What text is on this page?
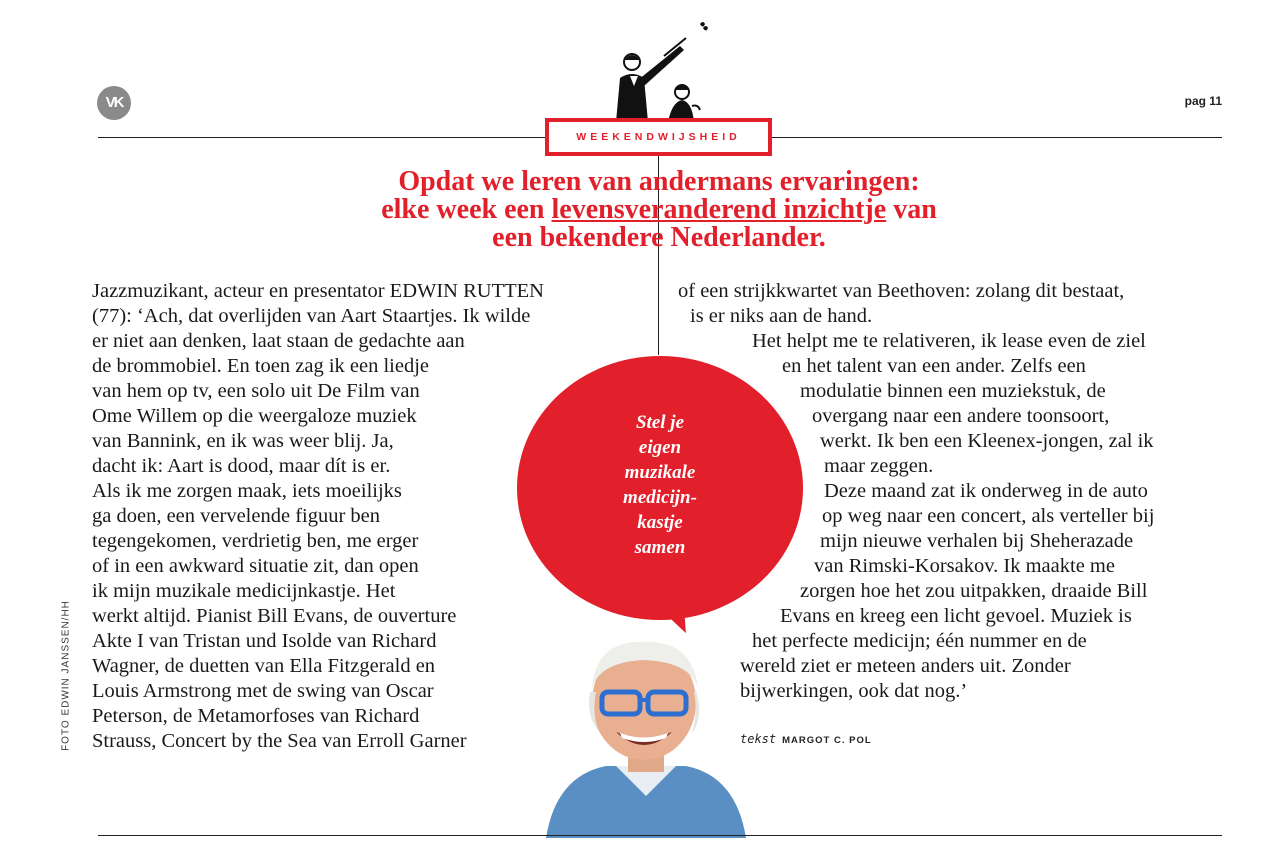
VK	pag 11
WEEKENDWIJSHEID
Opdat we leren van andermans ervaringen:
elke week een levensveranderend inzichtje van
een bekendere Nederlander.
Jazzmuzikant, acteur en presentator EDWIN RUTTEN
(77): ‘Ach, dat overlijden van Aart Staartjes. Ik wilde
er niet aan denken, laat staan de gedachte aan
de brommobiel. En toen zag ik een liedje
van hem op tv, een solo uit De Film van
Ome Willem op die weergaloze muziek
van Bannink, en ik was weer blij. Ja,
dacht ik: Aart is dood, maar dít is er.
Als ik me zorgen maak, iets moeilijks
ga doen, een vervelende figuur ben
tegengekomen, verdrietig ben, me erger
of in een awkward situatie zit, dan open
ik mijn muzikale medicijnkastje. Het
werkt altijd. Pianist Bill Evans, de ouverture
Akte I van Tristan und Isolde van Richard
Wagner, de duetten van Ella Fitzgerald en
Louis Armstrong met de swing van Oscar
Peterson, de Metamorfoses van Richard
Strauss, Concert by the Sea van Erroll Garner
of een strijkkwartet van Beethoven: zolang dit bestaat,
is er niks aan de hand.
Het helpt me te relativeren, ik lease even de ziel
en het talent van een ander. Zelfs een
modulatie binnen een muziekstuk, de
overgang naar een andere toonsoort,
werkt. Ik ben een Kleenex-jongen, zal ik
maar zeggen.
Deze maand zat ik onderweg in de auto
op weg naar een concert, als verteller bij
mijn nieuwe verhalen bij Sheherazade
van Rimski-Korsakov. Ik maakte me
zorgen hoe het zou uitpakken, draaide Bill
Evans en kreeg een licht gevoel. Muziek is
het perfecte medicijn; één nummer en de
wereld ziet er meteen anders uit. Zonder
bijwerkingen, ook dat nog.’
Stel je
eigen
muzikale
medicijn-
kastje
samen
tekst MARGOT C. POL
FOTO EDWIN JANSSEN/HH
